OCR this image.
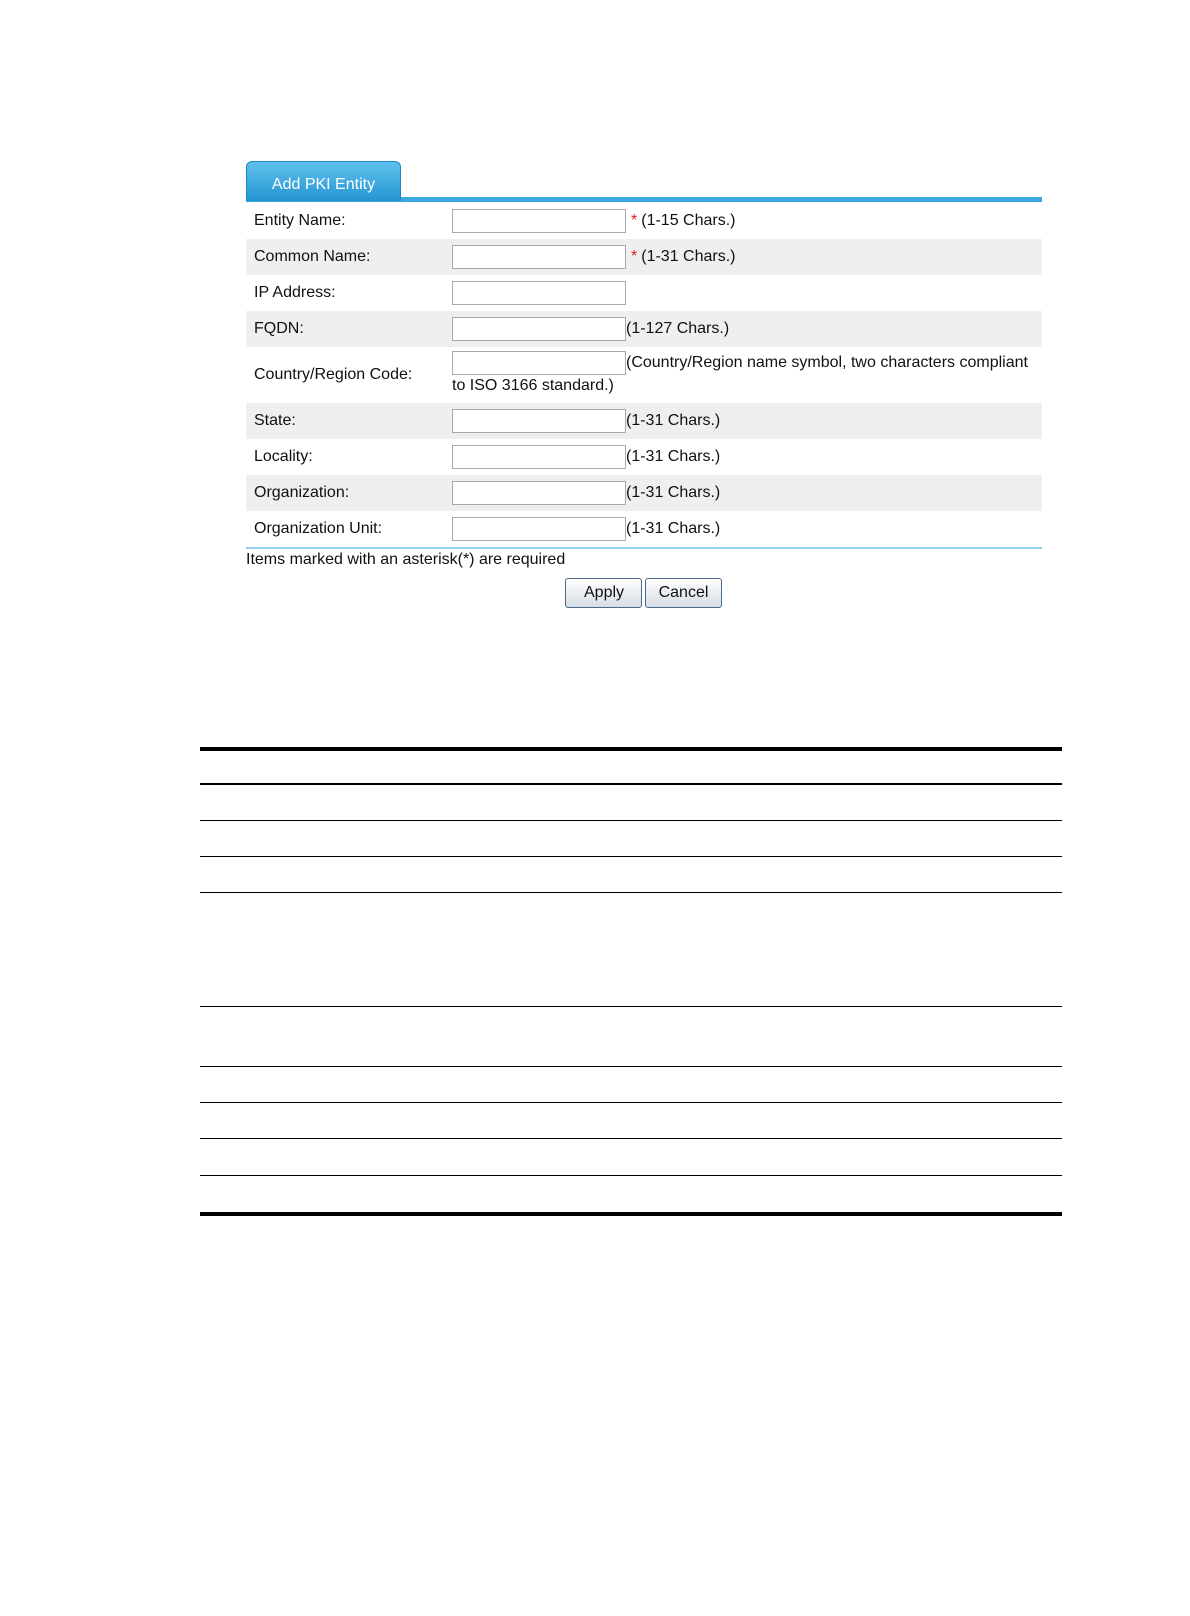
Add PKI Entity
Entity Name:	* (1-15 Chars.)
Common Name:	* (1-31 Chars.)
IP Address:
FQDN:	(1-127 Chars.)
Country/Region Code:
(Country/Region name symbol, two characters compliant
to ISO 3166 standard.)
State:	(1-31 Chars.)
Locality:	(1-31 Chars.)
Organization:	(1-31 Chars.)
Organization Unit:	(1-31 Chars.)
Items marked with an asterisk(*) are required
Apply	Cancel
